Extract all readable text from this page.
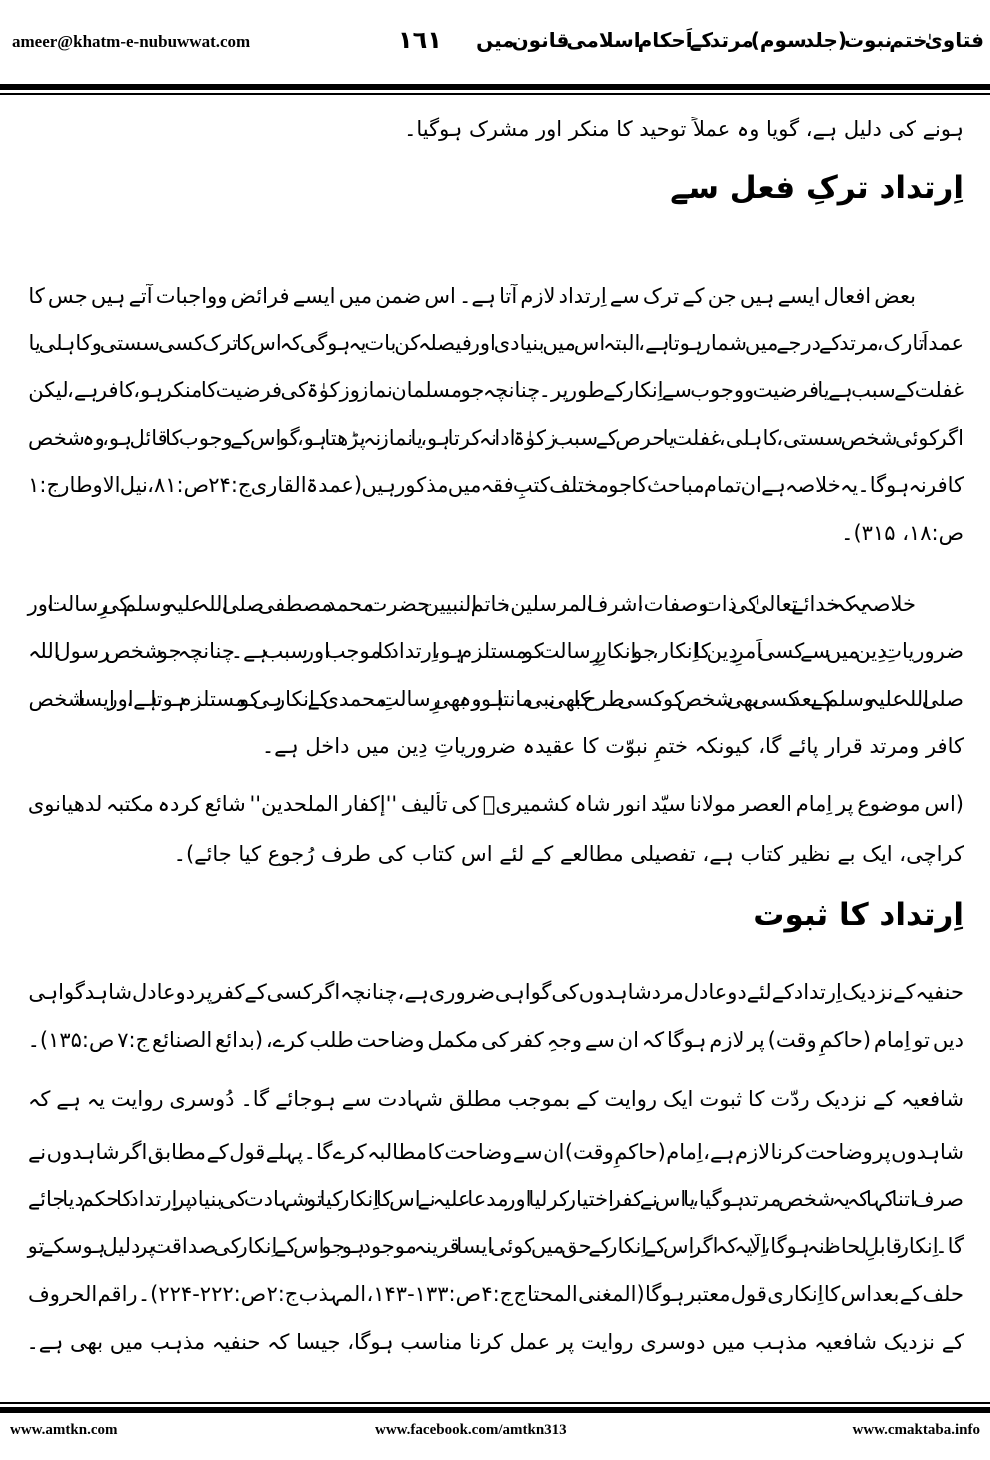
ameer@khatm-e-nubuwwat.com	١٦١ فتاویٰ ختمِ نبوت (جلد سوم) مرتد کے اَحکام اسلامی قانون میں
ہونے کی دلیل ہے، گویا وہ عملاً توحید کا منکر اور مشرک ہوگیا۔
اِرتداد ترکِ فعل سے
بعض افعال ایسے ہیں جن کے ترک سے اِرتداد لازم آتا ہے۔ اس ضمن میں ایسے فرائض وواجبات آتے ہیں جس کا
عمداً تارک، مرتد کے درجے میں شمار ہوتا ہے، البتہ اس میں بنیادی اور فیصلہ کن بات یہ ہوگی کہ اس کا ترک کسی سستی وکاہلی یا
غفلت کے سبب ہے یا فرضیت ووجوب سے اِنکار کے طور پر۔ چنانچہ جو مسلمان نماز وزکوٰۃ کی فرضیت کا منکر ہو، کافر ہے، لیکن
اگر کوئی شخص سستی، کاہلی، غفلت یا حرص کے سبب زکوٰۃ ادا نہ کرتا ہو، یا نماز نہ پڑھتا ہو، گو اس کے وجوب کا قائل ہو، وہ شخص
کافر نہ ہوگا۔ یہ خلاصہ ہے ان تمام مباحث کا جو مختلف کتبِ فقہ میں مذکور ہیں (عمدۃ القاری ج:۲۴ ص:۸۱، نیل الاوطار ج:۱
ص:۱۸، ۳۱۵)۔
خلاصہ یہ کہ خدائے تعالیٰ کی ذات وصفات، اشرف المرسلین، خاتم النبیین حضرت محمد مصطفی صلی اللہ علیہ وسلم کی رِسالت اور
ضروریاتِ دِین میں سے کسی اَمرِ دِین کا اِنکار، جو اِنکارِ رِسالت کو مستلزم ہو، اِرتداد کا موجب اور سبب ہے۔ چنانچہ جو شخص رسول اللہ
صلی اللہ علیہ وسلم کے بعد کسی بھی شخص کو، کسی طرح کا بھی نبی مانتا ہو، وہ بھی رِسالتِ محمدی کے اِنکار ہی کو مستلزم ہوتا ہے، اور ایسا شخص
کافر ومرتد قرار پائے گا، کیونکہ ختمِ نبوّت کا عقیدہ ضروریاتِ دِین میں داخل ہے۔
(اس موضوع پر اِمام العصر مولانا سیّد انور شاہ کشمیریؒ کی تألیف ''إکفار الملحدین'' شائع کردہ مکتبہ لدھیانوی
کراچی، ایک بے نظیر کتاب ہے، تفصیلی مطالعے کے لئے اس کتاب کی طرف رُجوع کیا جائے)۔
اِرتداد کا ثبوت
حنفیہ کے نزدیک اِرتداد کے لئے دو عادل مرد شاہدوں کی گواہی ضروری ہے، چنانچہ اگر کسی کے کفر پر دو عادل شاہد گواہی
دیں تو اِمام (حاکمِ وقت) پر لازم ہوگا کہ ان سے وجہِ کفر کی مکمل وضاحت طلب کرے، (بدائع الصنائع ج:۷ ص:۱۳۵)۔
شافعیہ کے نزدیک ردّت کا ثبوت ایک روایت کے بموجب مطلق شہادت سے ہوجائے گا۔ دُوسری روایت یہ ہے کہ
شاہدوں پر وضاحت کرنا لازم ہے، اِمام (حاکمِ وقت) ان سے وضاحت کا مطالبہ کرے گا۔ پہلے قول کے مطابق اگر شاہدوں نے
صرف اتنا کہا کہ یہ شخص مرتد ہوگیا، یا اس نے کفر اختیار کرلیا اور مدعا علیہ نے اس کا اِنکار کیا تو شہادت کی بنیاد پر اِرتداد کا حکم دیا جائے
گا۔ اِنکار قابلِ لحاظ نہ ہوگا، اِلَّا یہ کہ اگر اس کے اِنکار کے حق میں کوئی ایسا قرینہ موجود ہو جو اس کے اِنکار کی صداقت پر دلیل ہوسکے تو
حلف کے بعد اس کا اِنکاری قول معتبر ہوگا (المغنی المحتاج ج:۴ ص:۱۳۳-۱۴۳، المہذب ج:۲ ص:۲۲۲-۲۲۴)۔ راقم الحروف
کے نزدیک شافعیہ مذہب میں دوسری روایت پر عمل کرنا مناسب ہوگا، جیسا کہ حنفیہ مذہب میں بھی ہے۔
www.amtkn.com	www.facebook.com/amtkn313	www.cmaktaba.info
